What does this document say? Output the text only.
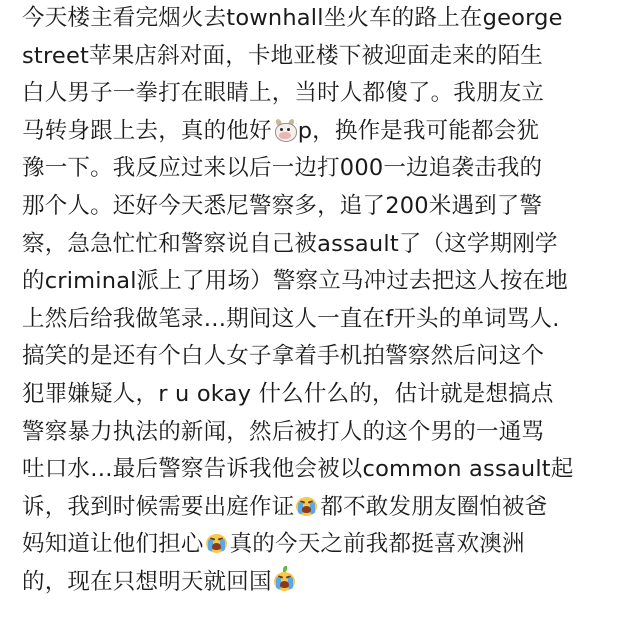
今天楼主看完烟火去townhall坐火车的路上在george
street苹果店斜对面，卡地亚楼下被迎面走来的陌生
白人男子一拳打在眼睛上，当时人都傻了。我朋友立
马转身跟上去，真的他好 p，换作是我可能都会犹
豫一下。我反应过来以后一边打000一边追袭击我的
那个人。还好今天悉尼警察多，追了200米遇到了警
察，急急忙忙和警察说自己被assault了（这学期刚学
的criminal派上了用场）警察立马冲过去把这人按在地
上然后给我做笔录…期间这人一直在f开头的单词骂人.
搞笑的是还有个白人女子拿着手机拍警察然后问这个
犯罪嫌疑人，r u okay 什么什么的，估计就是想搞点
警察暴力执法的新闻，然后被打人的这个男的一通骂
吐口水…最后警察告诉我他会被以common assault起
诉，我到时候需要出庭作证 都不敢发朋友圈怕被爸
妈知道让他们担心 真的今天之前我都挺喜欢澳洲
的，现在只想明天就回国
